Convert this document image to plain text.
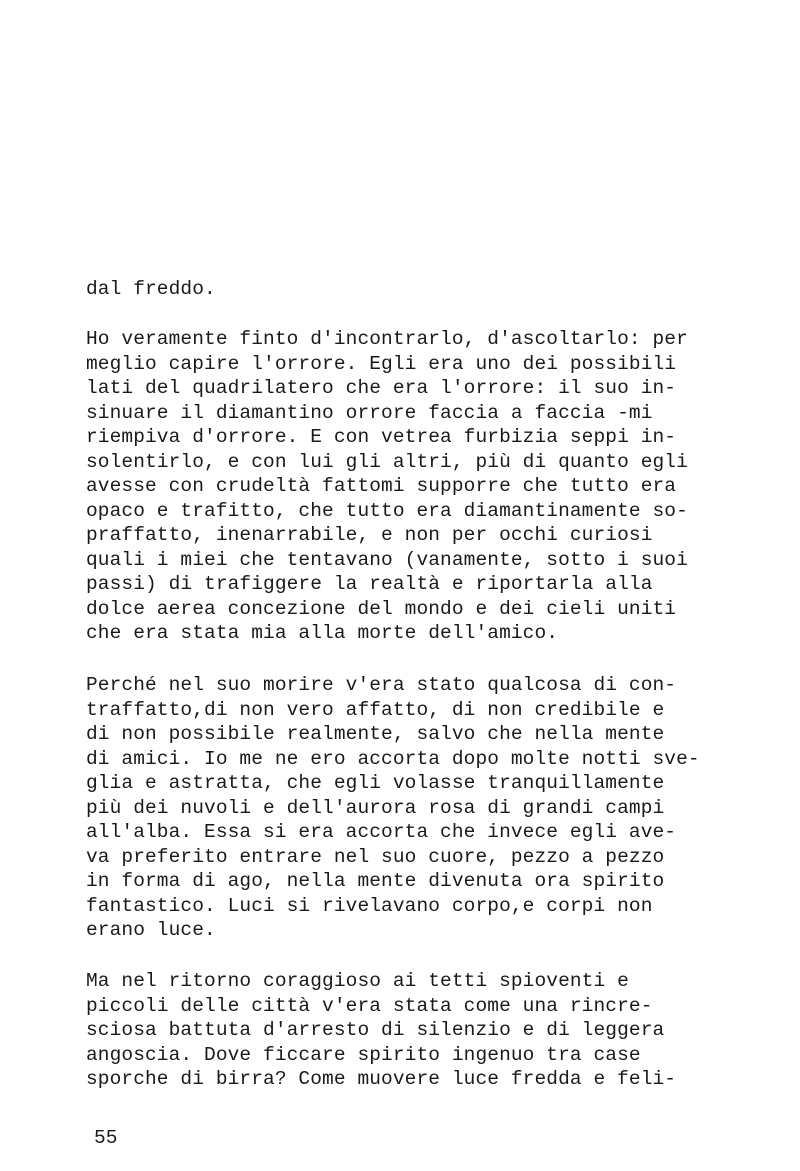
dal freddo.
Ho veramente finto d'incontrarlo, d'ascoltarlo: per
meglio capire l'orrore. Egli era uno dei possibili
lati del quadrilatero che era l'orrore: il suo in-
sinuare il diamantino orrore faccia a faccia -mi
riempiva d'orrore. E con vetrea furbizia seppi in-
solentirlo, e con lui gli altri, più di quanto egli
avesse con crudeltà fattomi supporre che tutto era
opaco e trafitto, che tutto era diamantinamente so-
praffatto, inenarrabile, e non per occhi curiosi
quali i miei che tentavano (vanamente, sotto i suoi
passi) di trafiggere la realtà e riportarla alla
dolce aerea concezione del mondo e dei cieli uniti
che era stata mia alla morte dell'amico.
Perché nel suo morire v'era stato qualcosa di con-
traffatto,di non vero affatto, di non credibile e
di non possibile realmente, salvo che nella mente
di amici. Io me ne ero accorta dopo molte notti sve-
glia e astratta, che egli volasse tranquillamente
più dei nuvoli e dell'aurora rosa di grandi campi
all'alba. Essa si era accorta che invece egli ave-
va preferito entrare nel suo cuore, pezzo a pezzo
in forma di ago, nella mente divenuta ora spirito
fantastico. Luci si rivelavano corpo,e corpi non
erano luce.
Ma nel ritorno coraggioso ai tetti spioventi e
piccoli delle città v'era stata come una rincre-
sciosa battuta d'arresto di silenzio e di leggera
angoscia. Dove ficcare spirito ingenuo tra case
sporche di birra? Come muovere luce fredda e feli-
55
